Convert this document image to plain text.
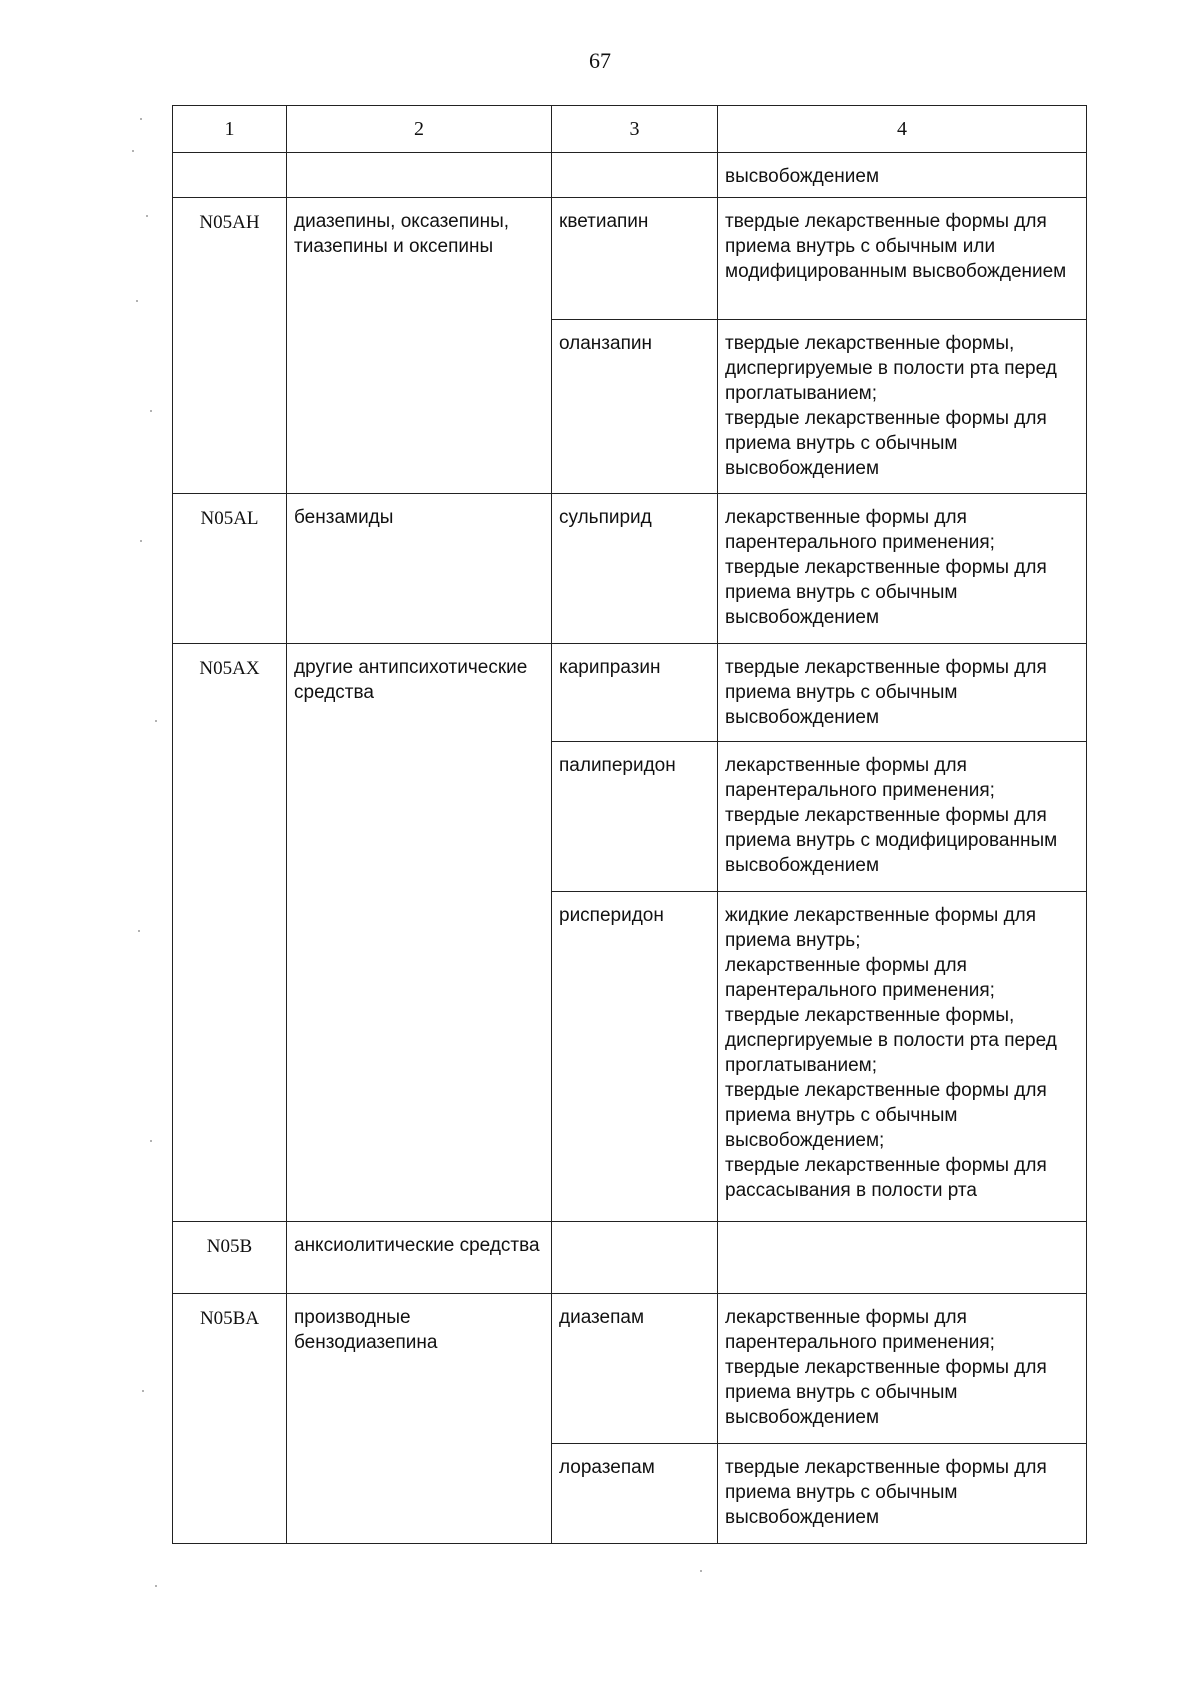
67
1	2	3	4

			высвобождением

N05AH	диазепины, оксазепины, тиазепины и оксепины	кветиапин	твердые лекарственные формы для приема внутрь с обычным или модифицированным высвобождением

		оланзапин	твердые лекарственные формы, диспергируемые в полости рта перед проглатыванием;
твердые лекарственные формы для приема внутрь с обычным высвобождением

N05AL	бензамиды	сульпирид	лекарственные формы для парентерального применения;
твердые лекарственные формы для приема внутрь с обычным высвобождением

N05AX	другие антипсихотические средства	карипразин	твердые лекарственные формы для приема внутрь с обычным высвобождением

		палиперидон	лекарственные формы для парентерального применения;
твердые лекарственные формы для приема внутрь с модифицированным высвобождением

		рисперидон	жидкие лекарственные формы для приема внутрь;
лекарственные формы для парентерального применения;
твердые лекарственные формы, диспергируемые в полости рта перед проглатыванием;
твердые лекарственные формы для приема внутрь с обычным высвобождением;
твердые лекарственные формы для рассасывания в полости рта

N05B	анксиолитические средства		
N05BA	производные бензодиазепина	диазепам	лекарственные формы для парентерального применения;
твердые лекарственные формы для приема внутрь с обычным высвобождением

		лоразепам	твердые лекарственные формы для приема внутрь с обычным высвобождением
